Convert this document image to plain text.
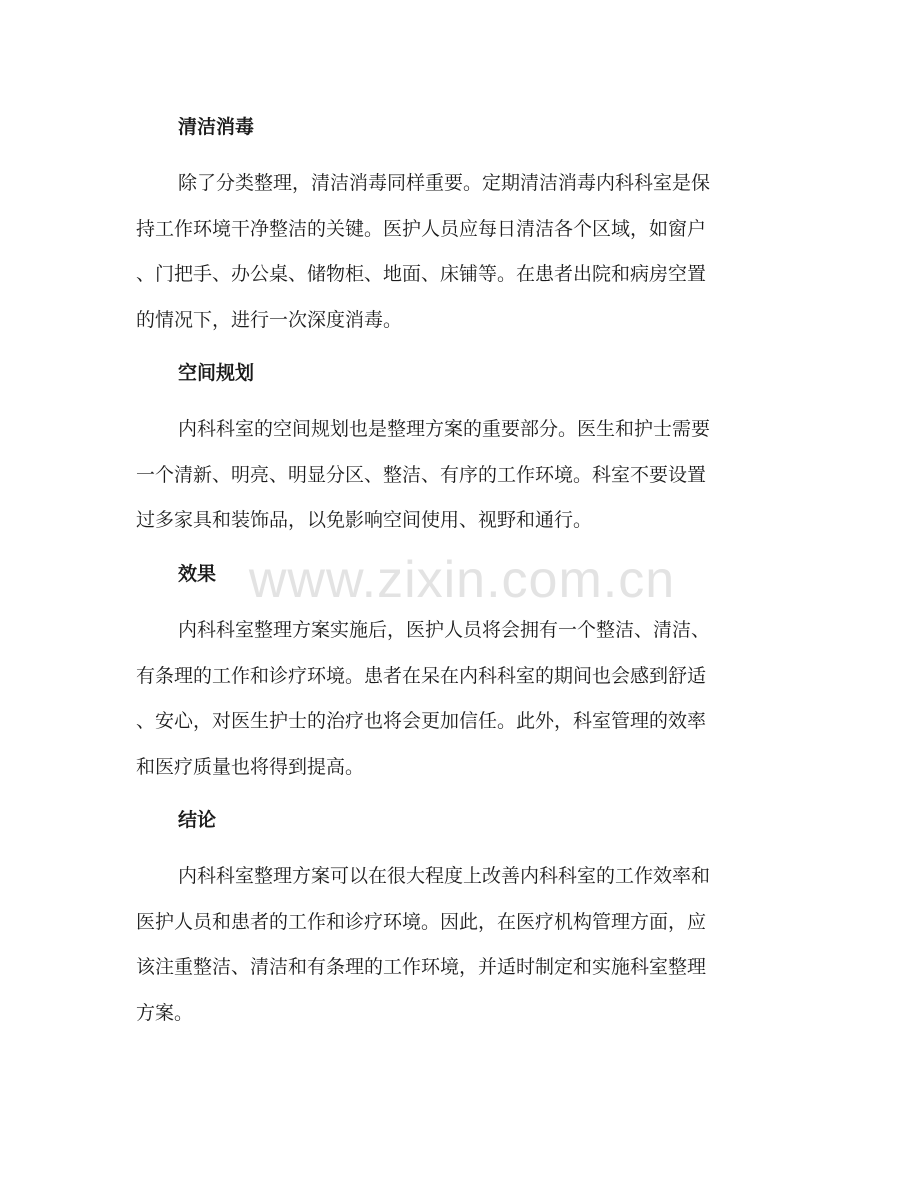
清洁消毒
除了分类整理，清洁消毒同样重要。定期清洁消毒内科科室是保
持工作环境干净整洁的关键。医护人员应每日清洁各个区域，如窗户
、门把手、办公桌、储物柜、地面、床铺等。在患者出院和病房空置
的情况下，进行一次深度消毒。
空间规划
内科科室的空间规划也是整理方案的重要部分。医生和护士需要
一个清新、明亮、明显分区、整洁、有序的工作环境。科室不要设置
过多家具和装饰品，以免影响空间使用、视野和通行。
效果
内科科室整理方案实施后，医护人员将会拥有一个整洁、清洁、
有条理的工作和诊疗环境。患者在呆在内科科室的期间也会感到舒适
、安心，对医生护士的治疗也将会更加信任。此外，科室管理的效率
和医疗质量也将得到提高。
结论
内科科室整理方案可以在很大程度上改善内科科室的工作效率和
医护人员和患者的工作和诊疗环境。因此，在医疗机构管理方面，应
该注重整洁、清洁和有条理的工作环境，并适时制定和实施科室整理
方案。
www.zixin.com.cn
